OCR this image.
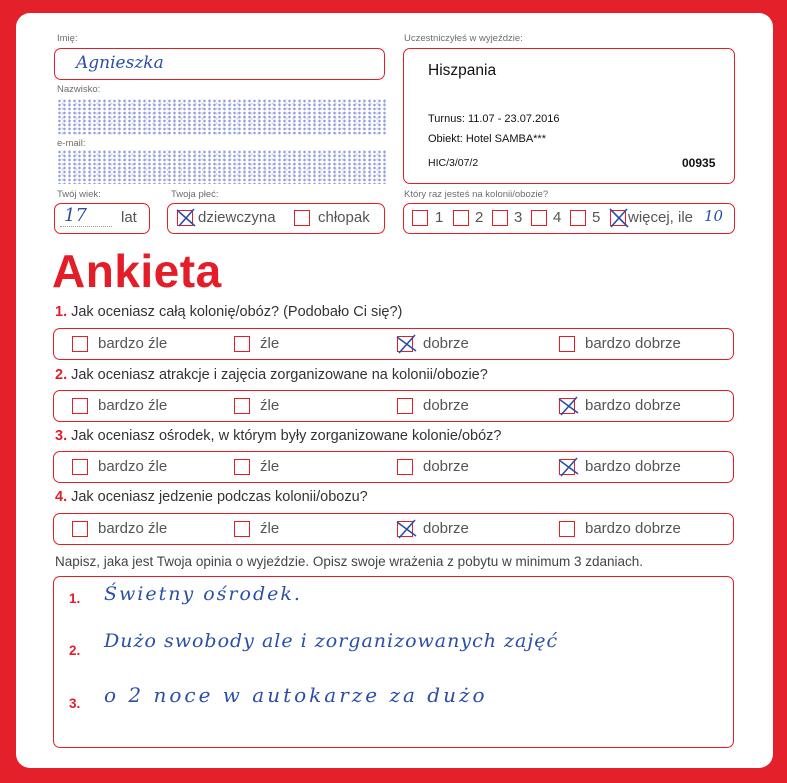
Imię:
Agnieszka
Nazwisko:
e-mail:
Twój wiek:
17 lat
Twoja płeć:
dziewczyna	chłopak
Uczestniczyłeś w wyjeździe:
Hiszpania
Turnus: 11.07 - 23.07.2016
Obiekt: Hotel SAMBA***
HIC/3/07/2	00935
Który raz jesteś na kolonii/obozie?
1 2 3 4 5 więcej, ile 10
Ankieta
1. Jak oceniasz całą kolonię/obóz? (Podobało Ci się?)
bardzo źle	źle	dobrze	bardzo dobrze
2. Jak oceniasz atrakcje i zajęcia zorganizowane na kolonii/obozie?
bardzo źle	źle	dobrze	bardzo dobrze
3. Jak oceniasz ośrodek, w którym były zorganizowane kolonie/obóz?
bardzo źle	źle	dobrze	bardzo dobrze
4. Jak oceniasz jedzenie podczas kolonii/obozu?
bardzo źle	źle	dobrze	bardzo dobrze
Napisz, jaka jest Twoja opinia o wyjeździe. Opisz swoje wrażenia z pobytu w minimum 3 zdaniach.
1. Świetny ośrodek.
2. Dużo swobody ale i zorganizowanych zajęć
3. o 2 noce w autokarze za dużo
